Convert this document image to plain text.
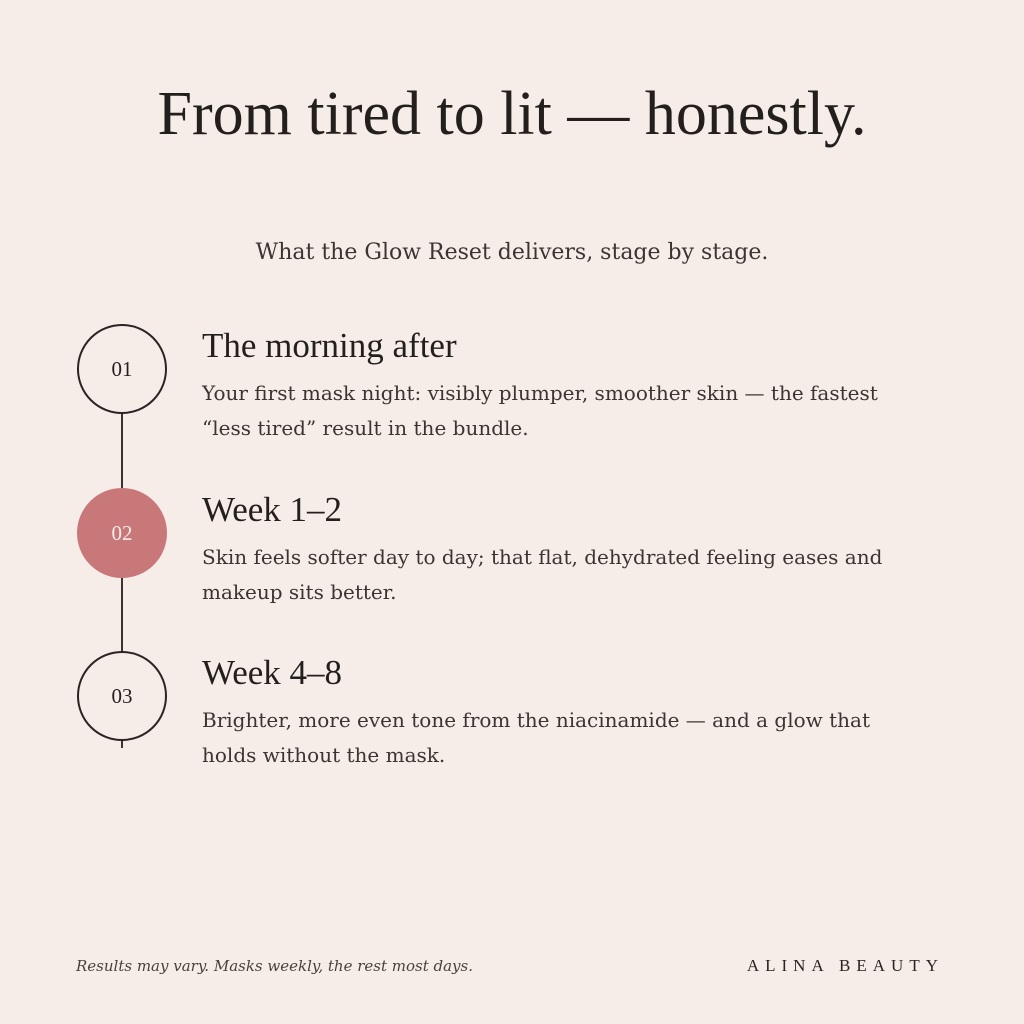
From tired to lit — honestly.
What the Glow Reset delivers, stage by stage.
01
The morning after

Your first mask night: visibly plumper, smoother skin — the fastest “less tired” result in the bundle.

02
Week 1–2

Skin feels softer day to day; that flat, dehydrated feeling eases and makeup sits better.

03
Week 4–8

Brighter, more even tone from the niacinamide — and a glow that holds without the mask.

Results may vary. Masks weekly, the rest most days.	ALINA BEAUTY
